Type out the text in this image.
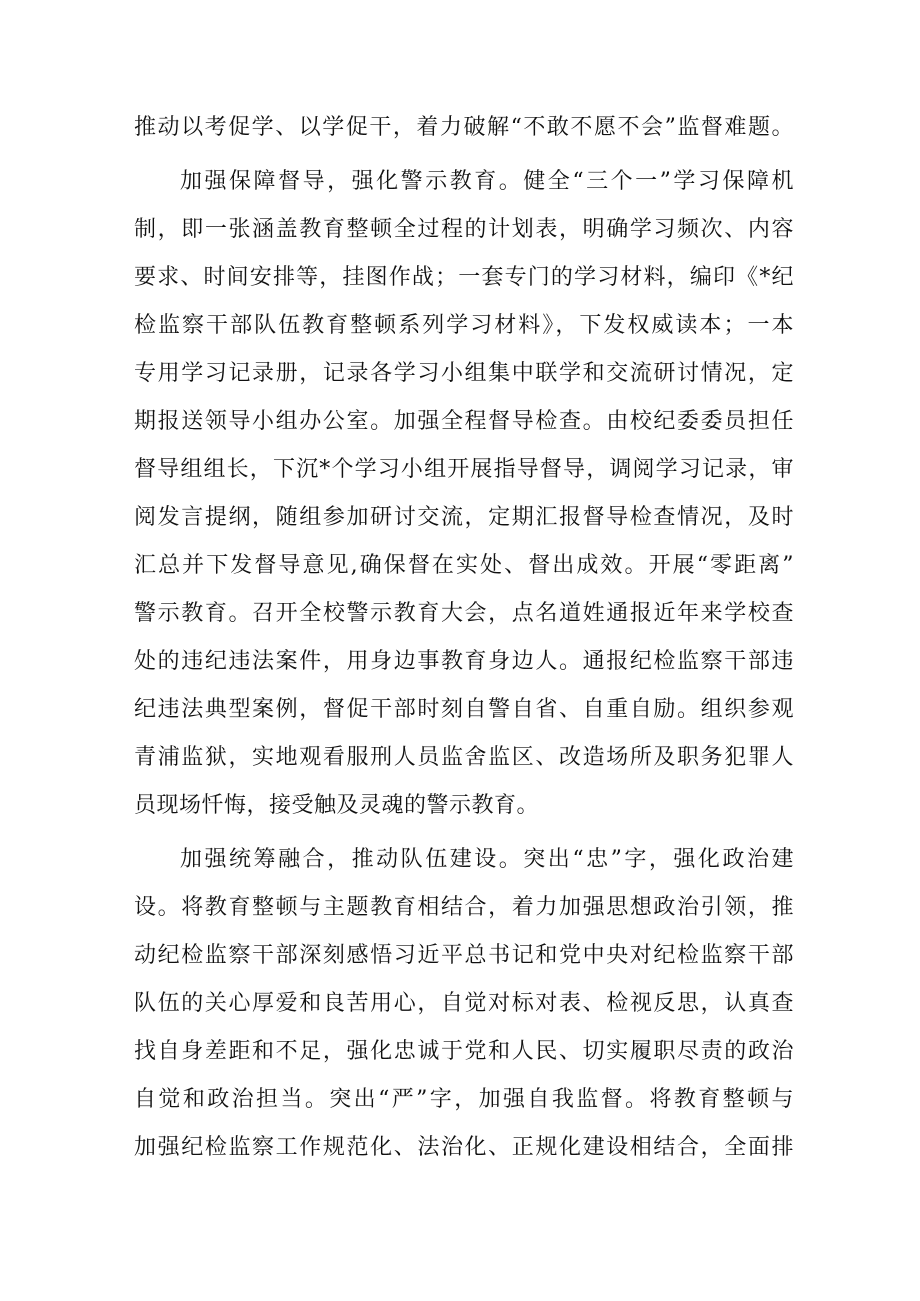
推动以考促学、以学促干，着力破解“不敢不愿不会”监督难题。
加强保障督导，强化警示教育。健全“三个一”学习保障机
制，即一张涵盖教育整顿全过程的计划表，明确学习频次、内容
要求、时间安排等，挂图作战；一套专门的学习材料，编印《*纪
检监察干部队伍教育整顿系列学习材料》，下发权威读本；一本
专用学习记录册，记录各学习小组集中联学和交流研讨情况，定
期报送领导小组办公室。加强全程督导检查。由校纪委委员担任
督导组组长，下沉*个学习小组开展指导督导，调阅学习记录，审
阅发言提纲，随组参加研讨交流，定期汇报督导检查情况，及时
汇总并下发督导意见,确保督在实处、督出成效。开展“零距离”
警示教育。召开全校警示教育大会，点名道姓通报近年来学校查
处的违纪违法案件，用身边事教育身边人。通报纪检监察干部违
纪违法典型案例，督促干部时刻自警自省、自重自励。组织参观
青浦监狱，实地观看服刑人员监舍监区、改造场所及职务犯罪人
员现场忏悔，接受触及灵魂的警示教育。
加强统筹融合，推动队伍建设。突出“忠”字，强化政治建
设。将教育整顿与主题教育相结合，着力加强思想政治引领，推
动纪检监察干部深刻感悟习近平总书记和党中央对纪检监察干部
队伍的关心厚爱和良苦用心，自觉对标对表、检视反思，认真查
找自身差距和不足，强化忠诚于党和人民、切实履职尽责的政治
自觉和政治担当。突出“严”字，加强自我监督。将教育整顿与
加强纪检监察工作规范化、法治化、正规化建设相结合，全面排
